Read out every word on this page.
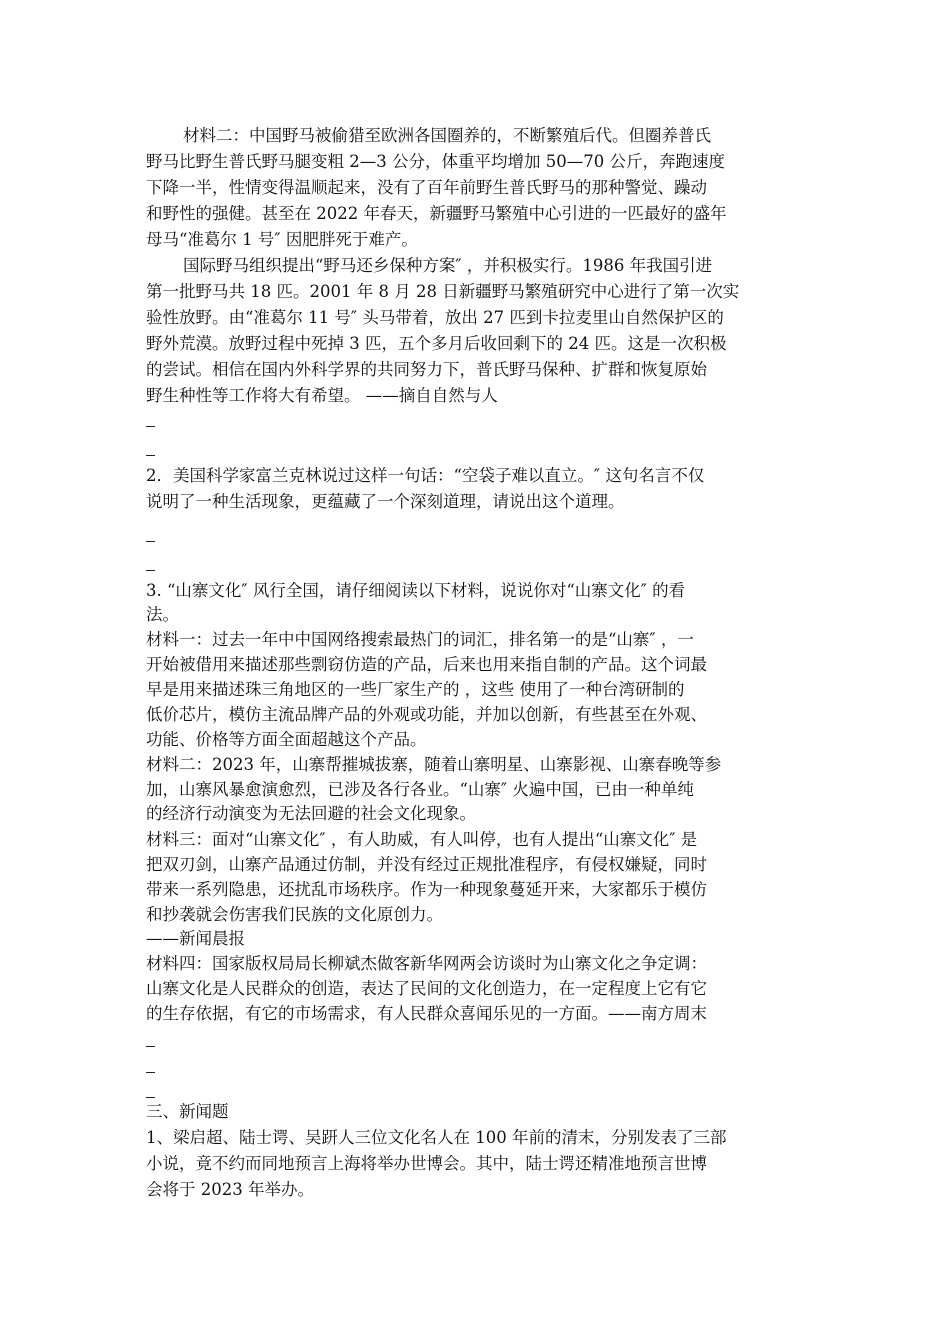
材料二：中国野马被偷猎至欧洲各国圈养的，不断繁殖后代。但圈养普氏
野马比野生普氏野马腿变粗 2—3 公分，体重平均增加 50—70 公斤，奔跑速度
下降一半，性情变得温顺起来，没有了百年前野生普氏野马的那种警觉、躁动
和野性的强健。甚至在 2022 年春天，新疆野马繁殖中心引进的一匹最好的盛年
母马“准葛尔 1 号″ 因肥胖死于难产。
国际野马组织提出“野马还乡保种方案″ ，并积极实行。1986 年我国引进
第一批野马共 18 匹。2001 年 8 月 28 日新疆野马繁殖研究中心进行了第一次实
验性放野。由“准葛尔 11 号″ 头马带着，放出 27 匹到卡拉麦里山自然保护区的
野外荒漠。放野过程中死掉 3 匹，五个多月后收回剩下的 24 匹。这是一次积极
的尝试。相信在国内外科学界的共同努力下，普氏野马保种、扩群和恢复原始
野生种性等工作将大有希望。 ——摘自自然与人
2．美国科学家富兰克林说过这样一句话：“空袋子难以直立。″ 这句名言不仅
说明了一种生活现象，更蕴藏了一个深刻道理，请说出这个道理。
3. “山寨文化″ 风行全国，请仔细阅读以下材料，说说你对“山寨文化″ 的看
法。
材料一：过去一年中中国网络搜索最热门的词汇，排名第一的是“山寨″ ，一
开始被借用来描述那些剽窃仿造的产品，后来也用来指自制的产品。这个词最
早是用来描述珠三角地区的一些厂家生产的 ，这些 使用了一种台湾研制的
低价芯片，模仿主流品牌产品的外观或功能，并加以创新，有些甚至在外观、
功能、价格等方面全面超越这个产品。
材料二：2023 年，山寨帮摧城拔寨，随着山寨明星、山寨影视、山寨春晚等参
加，山寨风暴愈演愈烈，已涉及各行各业。“山寨″ 火遍中国，已由一种单纯
的经济行动演变为无法回避的社会文化现象。
材料三：面对“山寨文化″ ，有人助威，有人叫停，也有人提出“山寨文化″ 是
把双刃剑，山寨产品通过仿制，并没有经过正规批准程序，有侵权嫌疑，同时
带来一系列隐患，还扰乱市场秩序。作为一种现象蔓延开来，大家都乐于模仿
和抄袭就会伤害我们民族的文化原创力。
——新闻晨报
材料四：国家版权局局长柳斌杰做客新华网两会访谈时为山寨文化之争定调：
山寨文化是人民群众的创造，表达了民间的文化创造力，在一定程度上它有它
的生存依据，有它的市场需求，有人民群众喜闻乐见的一方面。——南方周末
三、新闻题
1、梁启超、陆士谔、吴趼人三位文化名人在 100 年前的清末，分别发表了三部
小说，竟不约而同地预言上海将举办世博会。其中，陆士谔还精准地预言世博
会将于 2023 年举办。
